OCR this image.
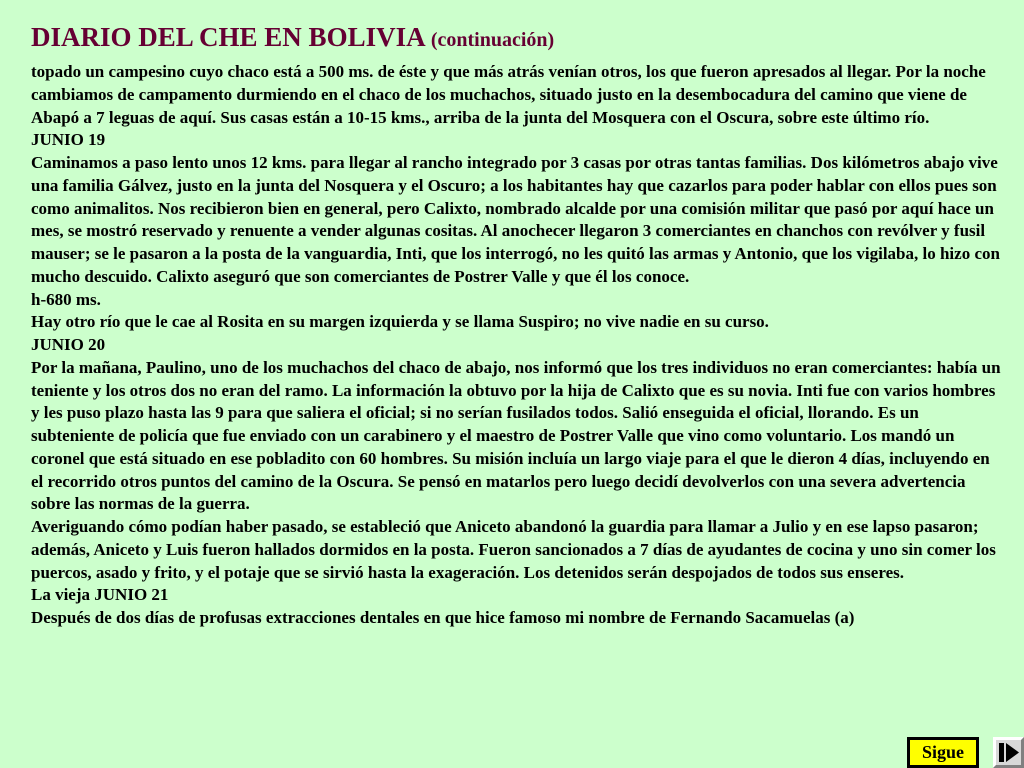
DIARIO DEL CHE EN BOLIVIA (continuación)

topado un campesino cuyo chaco está a 500 ms. de éste y que más atrás venían otros, los que fueron apresados al llegar. Por la noche cambiamos de campamento durmiendo en el chaco de los muchachos, situado justo en la desembocadura del camino que viene de Abapó a 7 leguas de aquí. Sus casas están a 10-15 kms., arriba de la junta del Mosquera con el Oscura, sobre este último río.

JUNIO 19

Caminamos a paso lento unos 12 kms. para llegar al rancho integrado por 3 casas por otras tantas familias. Dos kilómetros abajo vive una familia Gálvez, justo en la junta del Nosquera y el Oscuro; a los habitantes hay que cazarlos para poder hablar con ellos pues son como animalitos. Nos recibieron bien en general, pero Calixto, nombrado alcalde por una comisión militar que pasó por aquí hace un mes, se mostró reservado y renuente a vender algunas cositas. Al anochecer llegaron 3 comerciantes en chanchos con revólver y fusil mauser; se le pasaron a la posta de la vanguardia, Inti, que los interrogó, no les quitó las armas y Antonio, que los vigilaba, lo hizo con mucho descuido. Calixto aseguró que son comerciantes de Postrer Valle y que él los conoce.

h-680 ms.

Hay otro río que le cae al Rosita en su margen izquierda y se llama Suspiro; no vive nadie en su curso.

JUNIO 20

Por la mañana, Paulino, uno de los muchachos del chaco de abajo, nos informó que los tres individuos no eran comerciantes: había un teniente y los otros dos no eran del ramo. La información la obtuvo por la hija de Calixto que es su novia. Inti fue con varios hombres y les puso plazo hasta las 9 para que saliera el oficial; si no serían fusilados todos. Salió enseguida el oficial, llorando. Es un subteniente de policía que fue enviado con un carabinero y el maestro de Postrer Valle que vino como voluntario. Los mandó un coronel que está situado en ese pobladito con 60 hombres. Su misión incluía un largo viaje para el que le dieron 4 días, incluyendo en el recorrido otros puntos del camino de la Oscura. Se pensó en matarlos pero luego decidí devolverlos con una severa advertencia sobre las normas de la guerra.

Averiguando cómo podían haber pasado, se estableció que Aniceto abandonó la guardia para llamar a Julio y en ese lapso pasaron; además, Aniceto y Luis fueron hallados dormidos en la posta. Fueron sancionados a 7 días de ayudantes de cocina y uno sin comer los puercos, asado y frito, y el potaje que se sirvió hasta la exageración. Los detenidos serán despojados de todos sus enseres.

La vieja JUNIO 21

Después de dos días de profusas extracciones dentales en que hice famoso mi nombre de Fernando Sacamuelas (a)

Sigue
